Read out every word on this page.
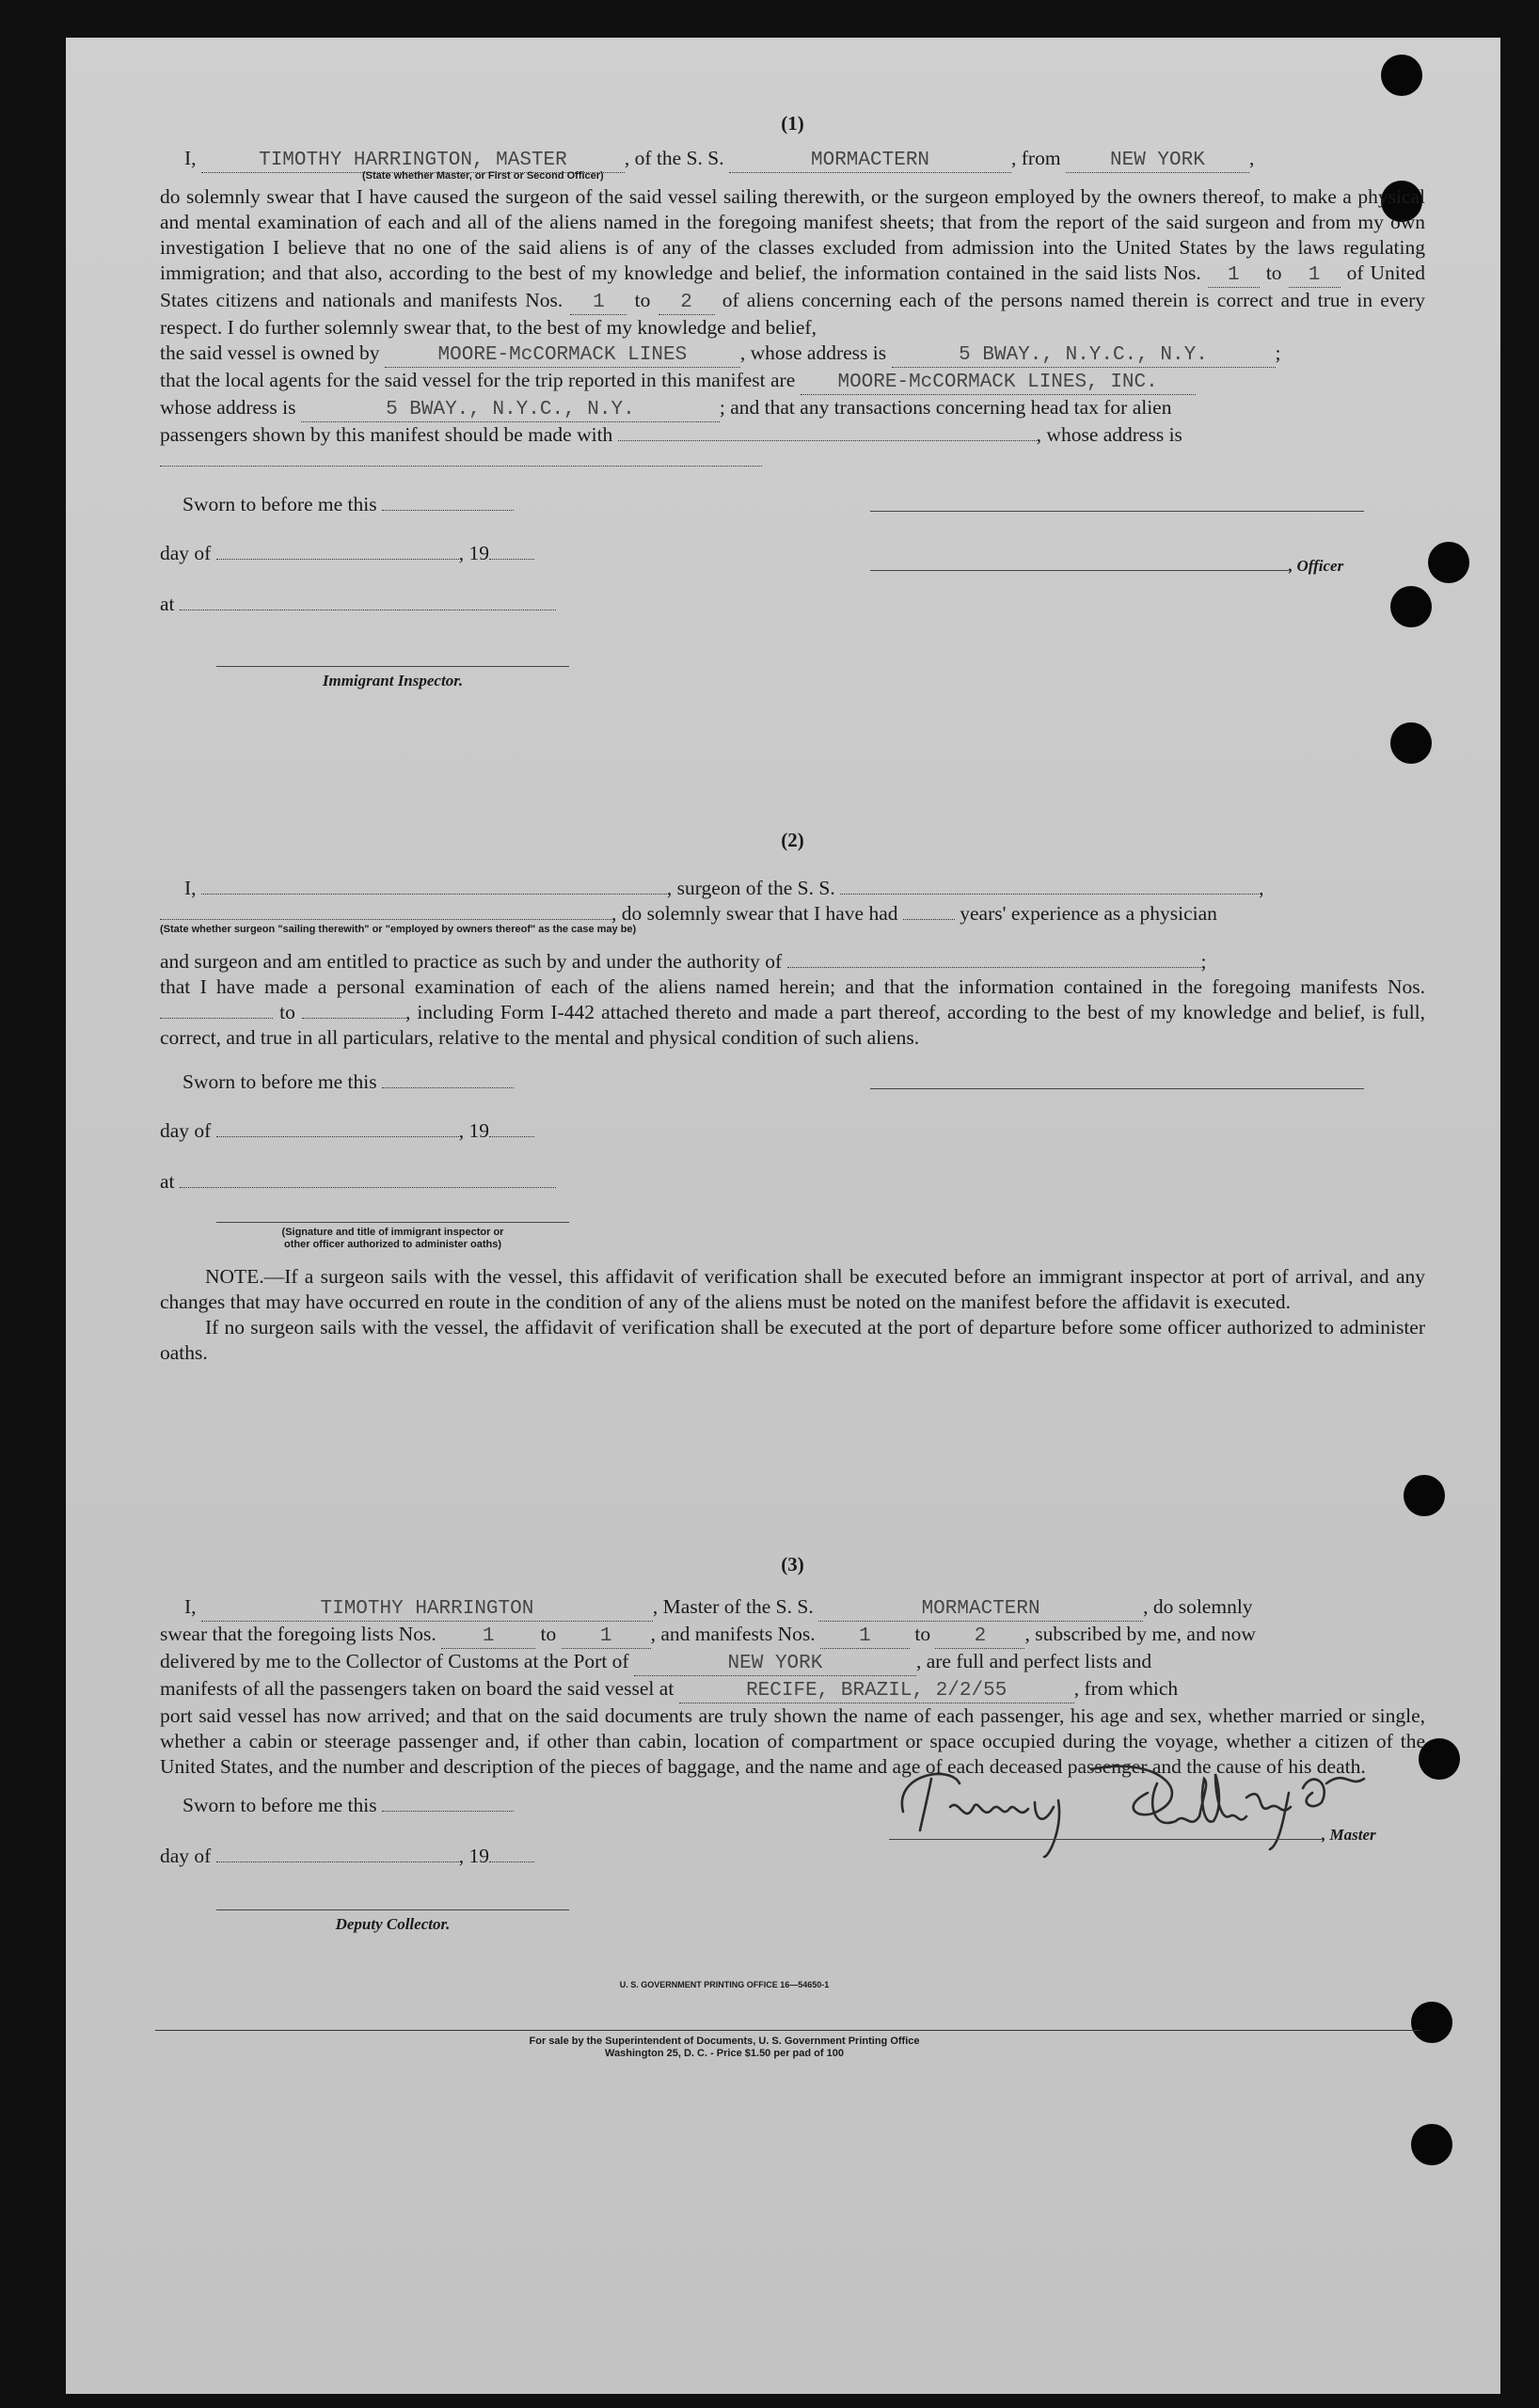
(1)
I,	TIMOTHY HARRINGTON, MASTER	, of the S. S.	MORMACTERN	, from NEW YORK ,
(State whether Master, or First or Second Officer)
do solemnly swear that I have caused the surgeon of the said vessel sailing therewith, or the surgeon employed by the owners thereof, to make a physical and mental examination of each and all of the aliens named in the foregoing manifest sheets; that from the report of the said surgeon and from my own investigation I believe that no one of the said aliens is of any of the classes excluded from admission into the United States by the laws regulating immigration; and that also, according to the best of my knowledge and belief, the information contained in the said lists Nos. 1 to 1 of United States citizens and nationals and manifests Nos. 1 to 2 of aliens concerning each of the persons named therein is correct and true in every respect. I do further solemnly swear that, to the best of my knowledge and belief,
the said vessel is owned by	MOORE-McCORMACK LINES	, whose address is	5 BWAY., N.Y.C., N.Y.	;
that the local agents for the said vessel for the trip reported in this manifest are MOORE-McCORMACK LINES, INC.
whose address is	5 BWAY., N.Y.C., N.Y.	; and that any transactions concerning head tax for alien
passengers shown by this manifest should be made with	, whose address is
Sworn to before me this
day of	, 19
at
Immigrant Inspector.
, Officer
(2)
I,	, surgeon of the S. S.	,
, do solemnly swear that I have had	years' experience as a physician
(State whether surgeon "sailing therewith" or "employed by owners thereof" as the case may be)
and surgeon and am entitled to practice as such by and under the authority of	;
that I have made a personal examination of each of the aliens named herein; and that the information contained in the foregoing manifests Nos.  to	, including Form I-442 attached thereto and made a part thereof, according to the best of my knowledge and belief, is full, correct, and true in all particulars, relative to the mental and physical condition of such aliens.
Sworn to before me this
day of	, 19
at
(Signature and title of immigrant inspector or
other officer authorized to administer oaths)
NOTE.—If a surgeon sails with the vessel, this affidavit of verification shall be executed before an immigrant inspector at port of arrival, and any changes that may have occurred en route in the condition of any of the aliens must be noted on the manifest before the affidavit is executed.
If no surgeon sails with the vessel, the affidavit of verification shall be executed at the port of departure before some officer authorized to administer oaths.
(3)
I,	TIMOTHY HARRINGTON	, Master of the S. S.	MORMACTERN	, do solemnly
swear that the foregoing lists Nos. 1 to 1 , and manifests Nos. 1 to 2 , subscribed by me, and now
delivered by me to the Collector of Customs at the Port of	NEW YORK	, are full and perfect lists and
manifests of all the passengers taken on board the said vessel at	RECIFE, BRAZIL, 2/2/55	, from which
port said vessel has now arrived; and that on the said documents are truly shown the name of each passenger, his age and sex, whether married or single, whether a cabin or steerage passenger and, if other than cabin, location of compartment or space occupied during the voyage, whether a citizen of the United States, and the number and description of the pieces of baggage, and the name and age of each deceased passenger and the cause of his death.
Sworn to before me this
day of	, 19
Deputy Collector.
, Master
U. S. GOVERNMENT PRINTING OFFICE 16—54650-1
For sale by the Superintendent of Documents, U. S. Government Printing Office
Washington 25, D. C. - Price $1.50 per pad of 100
